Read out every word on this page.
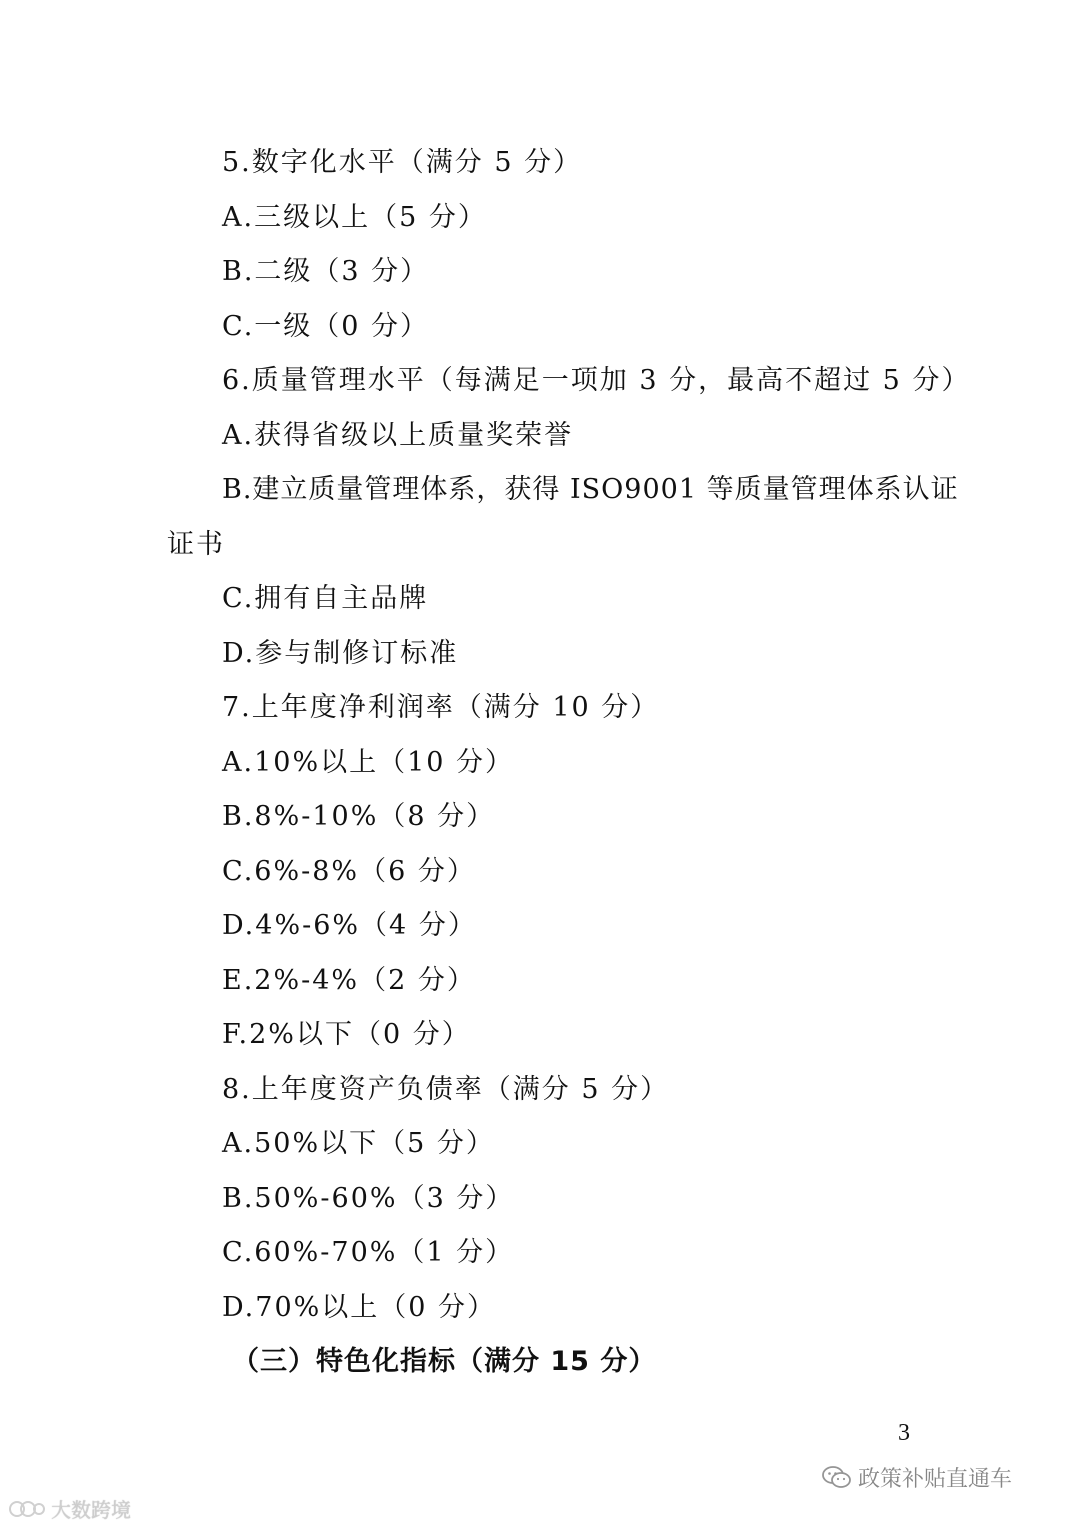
5.数字化水平（满分 5 分）
A.三级以上（5 分）
B.二级（3 分）
C.一级（0 分）
6.质量管理水平（每满足一项加 3 分，最高不超过 5 分）
A.获得省级以上质量奖荣誉
B.建立质量管理体系，获得 ISO9001 等质量管理体系认证
证书
C.拥有自主品牌
D.参与制修订标准
7.上年度净利润率（满分 10 分）
A.10%以上（10 分）
B.8%-10%（8 分）
C.6%-8%（6 分）
D.4%-6%（4 分）
E.2%-4%（2 分）
F.2%以下（0 分）
8.上年度资产负债率（满分 5 分）
A.50%以下（5 分）
B.50%-60%（3 分）
C.60%-70%（1 分）
D.70%以上（0 分）
（三）特色化指标（满分 15 分）
3
政策补贴直通车
大数跨境
